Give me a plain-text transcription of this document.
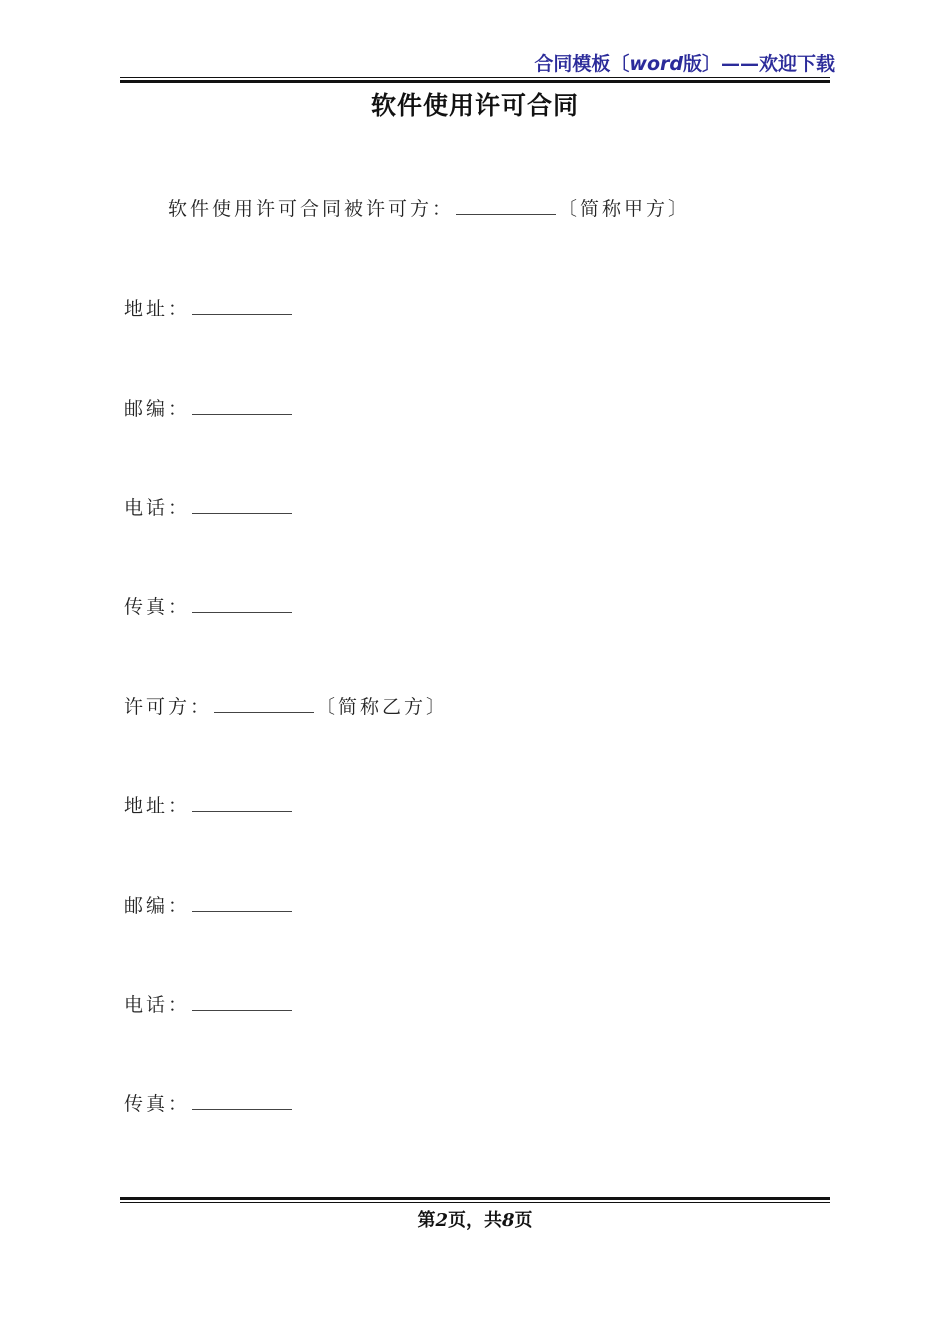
合同模板〔word版〕——欢迎下载
软件使用许可合同
软件使用许可合同被许可方：	〔简称甲方〕
地址：
邮编：
电话：
传真：
许可方：	〔简称乙方〕
地址：
邮编：
电话：
传真：
第2页，共8页
